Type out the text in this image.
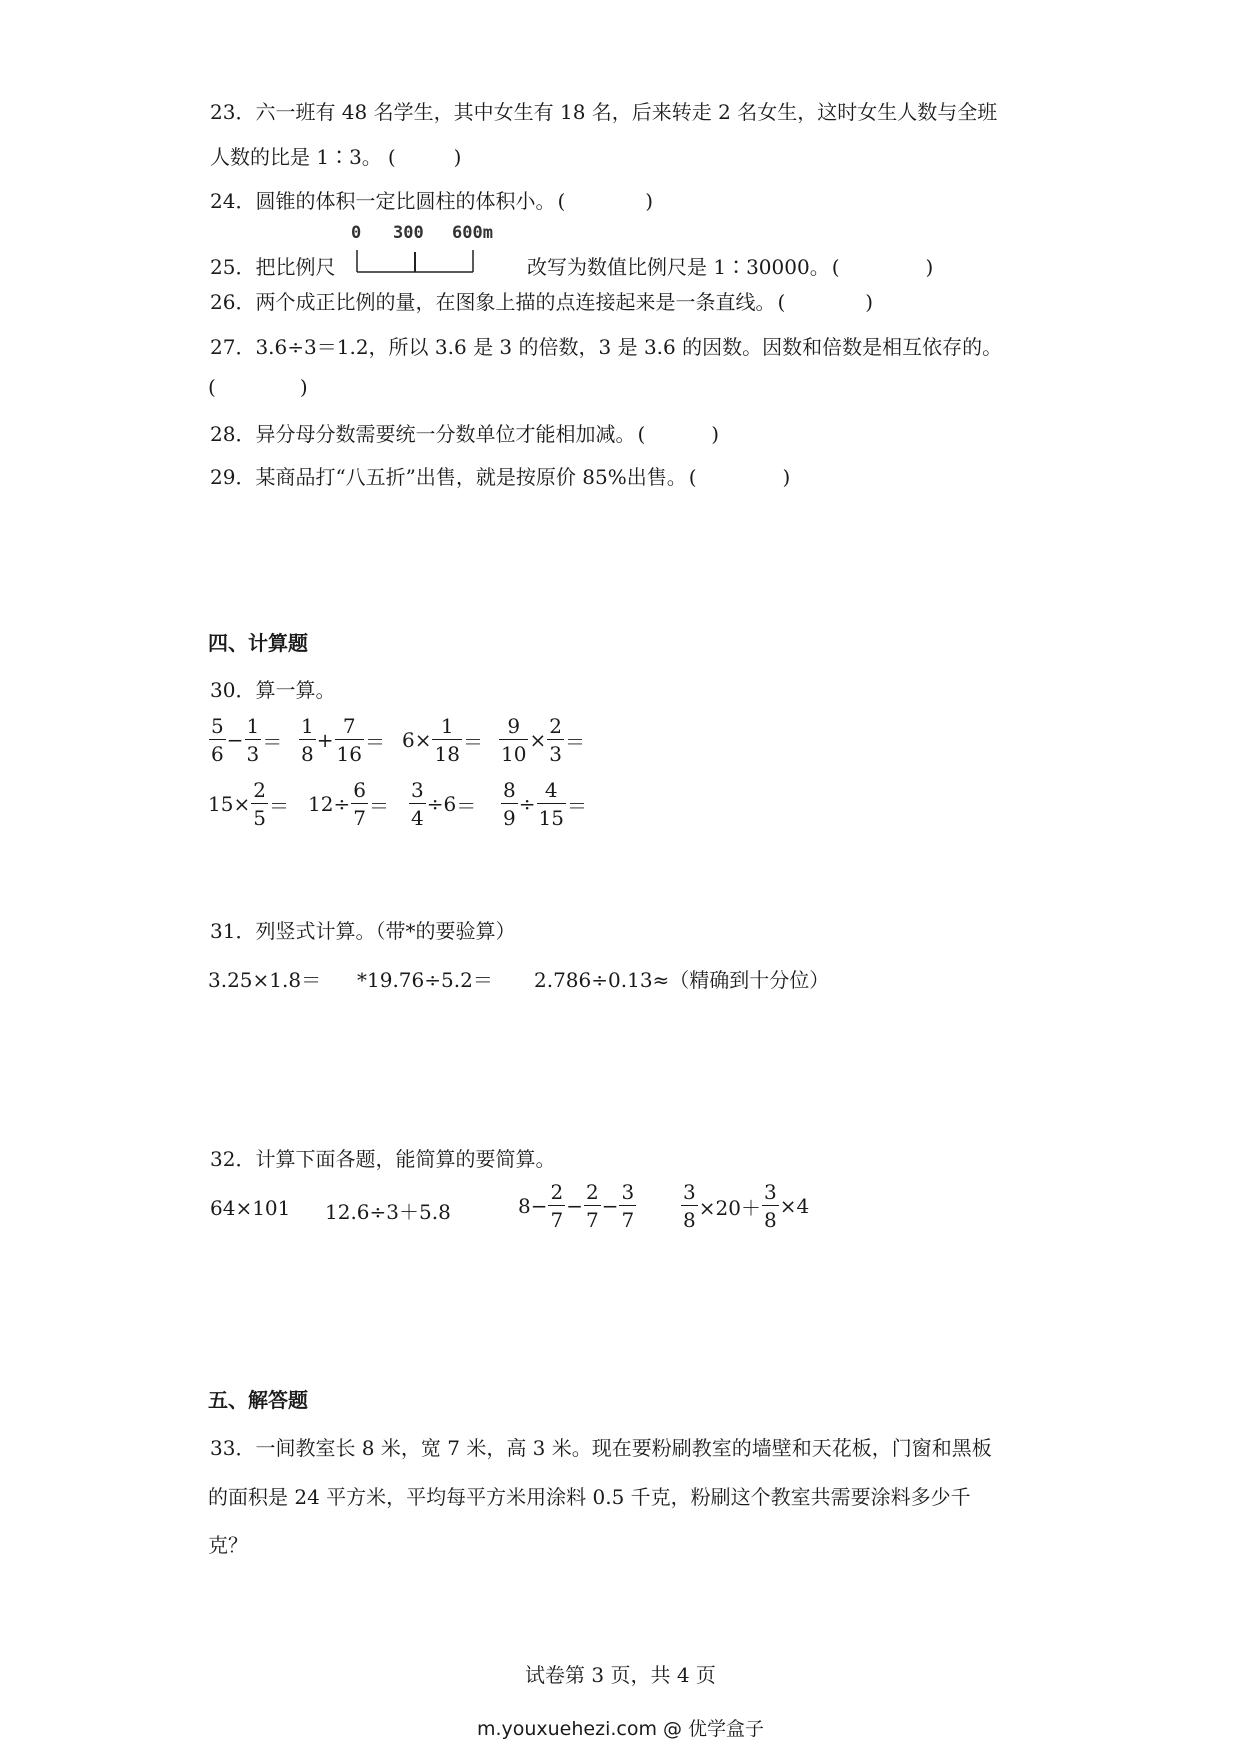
23．六一班有 48 名学生，其中女生有 18 名，后来转走 2 名女生，这时女生人数与全班
人数的比是 1∶3。 (	)
24．圆锥的体积一定比圆柱的体积小。 (	)
25．把比例尺
0 300 600m
改写为数值比例尺是 1∶30000。 (	)
26．两个成正比例的量，在图象上描的点连接起来是一条直线。 (	)
27．3.6÷3＝1.2，所以 3.6 是 3 的倍数，3 是 3.6 的因数。因数和倍数是相互依存的。
(	)
28．异分母分数需要统一分数单位才能相加减。 (	)
29．某商品打“八五折”出售，就是按原价 85%出售。 (	)
四、计算题
30．算一算。
$\frac{5}{6} - \frac{1}{3} = \frac{1}{8} + \frac{7}{16} = 6\times \frac{1}{18} = \frac{9}{10} \times \frac{2}{3}$ ＝
$15\times \frac{2}{5} = 12\div \frac{6}{7} = \frac{3}{4} \div 6 = \frac{8}{9} \div \frac{4}{15}$ ＝
31．列竖式计算。（带*的要验算）
3.25×1.8＝ *19.76÷5.2＝ 2.786÷0.13≈（精确到十分位）
32．计算下面各题，能简算的要简算。
64×101 12.6÷3＋5.8	$8- \frac{2}{7} - \frac{2}{7} - \frac{3}{7} \frac{3}{8} \times 20+ \frac{3}{8} \times 4$
五、解答题
33．一间教室长 8 米，宽 7 米，高 3 米。现在要粉刷教室的墙壁和天花板，门窗和黑板
的面积是 24 平方米，平均每平方米用涂料 0.5 千克，粉刷这个教室共需要涂料多少千
克？
试卷第 3 页，共 4 页
m.youxuehezi.com @ 优学盒子
